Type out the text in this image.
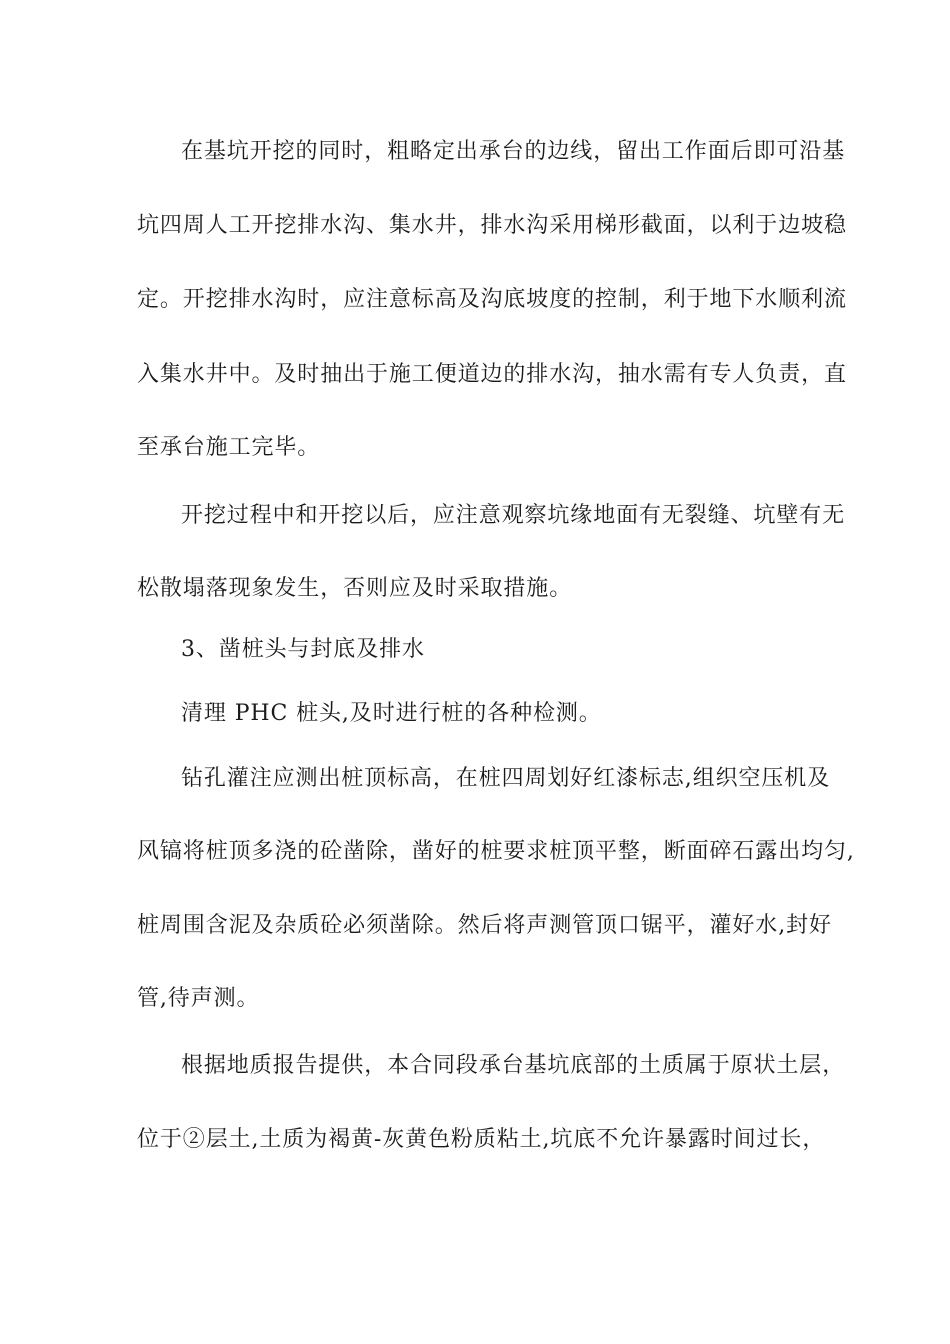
在基坑开挖的同时，粗略定出承台的边线，留出工作面后即可沿基
坑四周人工开挖排水沟、集水井，排水沟采用梯形截面，以利于边坡稳
定。开挖排水沟时，应注意标高及沟底坡度的控制，利于地下水顺利流
入集水井中。及时抽出于施工便道边的排水沟，抽水需有专人负责，直
至承台施工完毕。
开挖过程中和开挖以后，应注意观察坑缘地面有无裂缝、坑壁有无
松散塌落现象发生，否则应及时采取措施。
3、凿桩头与封底及排水
清理 PHC 桩头,及时进行桩的各种检测。
钻孔灌注应测出桩顶标高，在桩四周划好红漆标志,组织空压机及
风镐将桩顶多浇的砼凿除，凿好的桩要求桩顶平整，断面碎石露出均匀,
桩周围含泥及杂质砼必须凿除。然后将声测管顶口锯平，灌好水,封好
管,待声测。
根据地质报告提供，本合同段承台基坑底部的土质属于原状土层，
位于②层土,土质为褐黄-灰黄色粉质粘土,坑底不允许暴露时间过长，
